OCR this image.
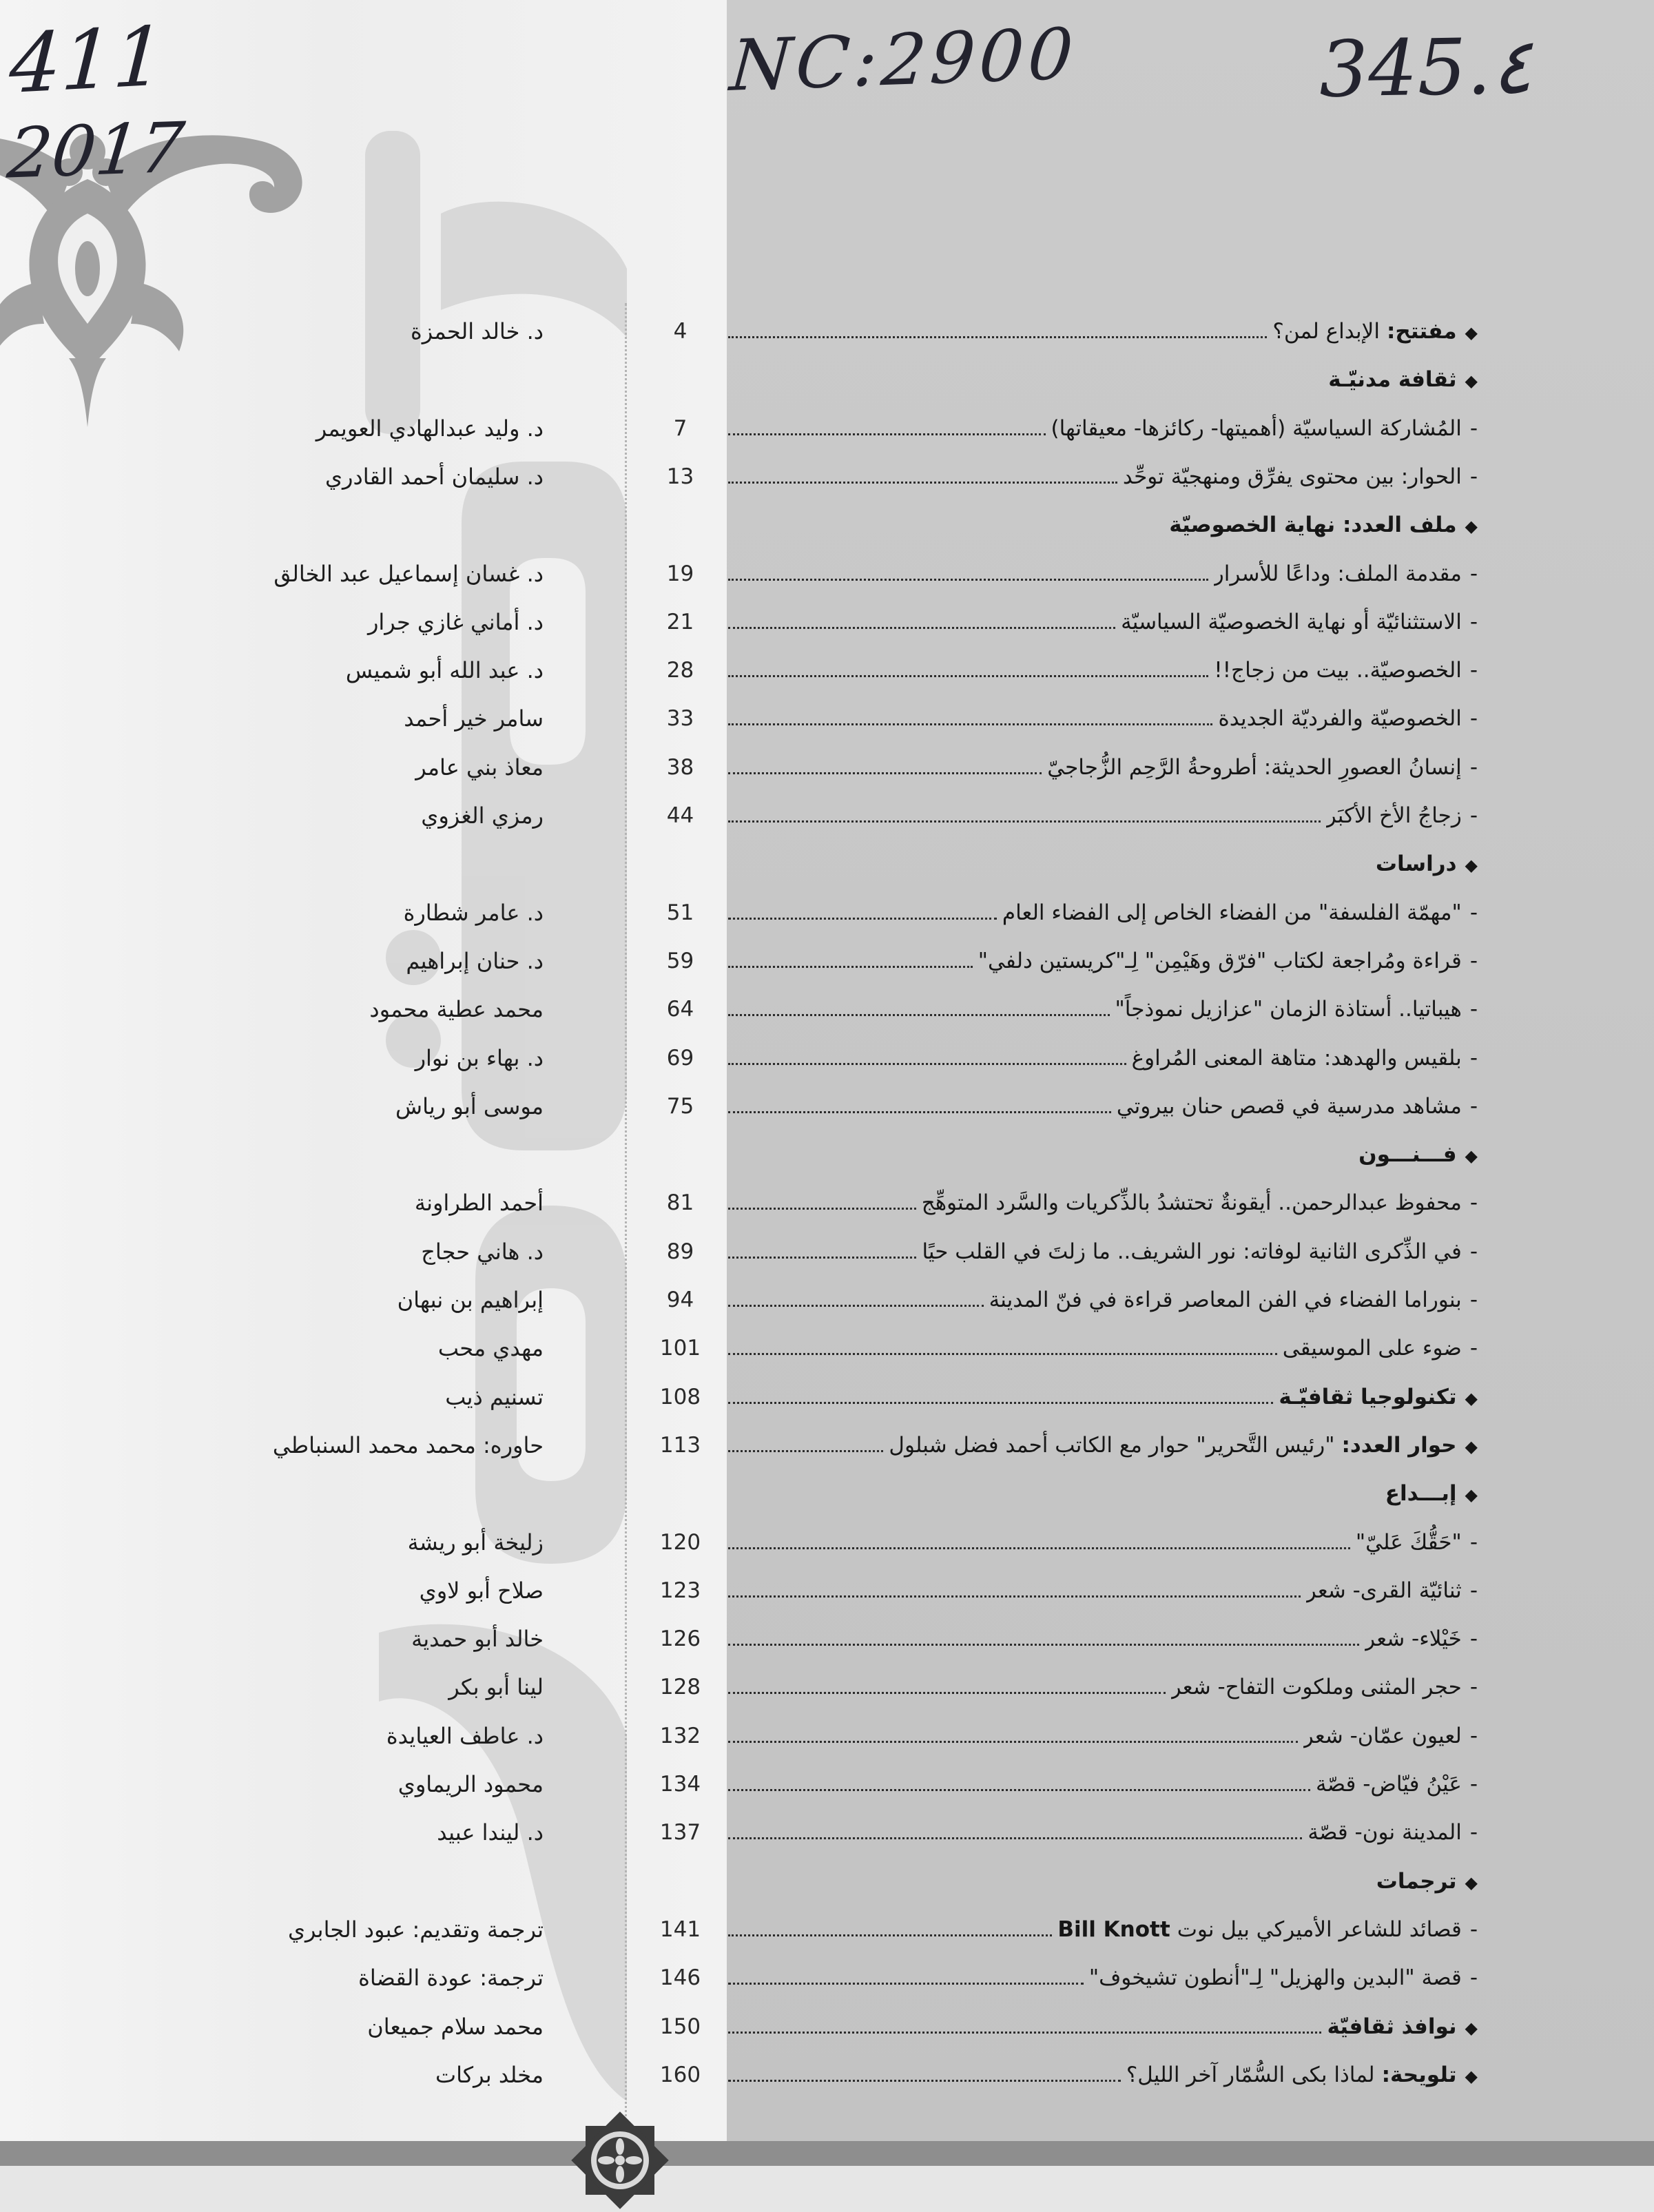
411
2017
NC:2900	345.٤
◆
مفتتح:
الإبداع لمن؟
4
د. خالد الحمزة
◆
ثقافة مدنيّـة
-
المُشاركة السياسيّة (أهميتها- ركائزها- معيقاتها)
7
د. وليد عبدالهادي العويمر
-
الحوار: بين محتوى يفرِّق ومنهجيّة توحِّد
13
د. سليمان أحمد القادري
◆
ملف العدد: نهاية الخصوصيّة
-
مقدمة الملف: وداعًا للأسرار
19
د. غسان إسماعيل عبد الخالق
-
الاستثنائيّة أو نهاية الخصوصيّة السياسيّة
21
د. أماني غازي جرار
-
الخصوصيّة.. بيت من زجاج!!
28
د. عبد الله أبو شميس
-
الخصوصيّة والفرديّة الجديدة
33
سامر خير أحمد
-
إنسانُ العصورِ الحديثة: أطروحةُ الرَّحِم الزُّجاجيّ
38
معاذ بني عامر
-
زجاجُ الأخ الأكبَر
44
رمزي الغزوي
◆
دراسات
-
"مهمّة الفلسفة" من الفضاء الخاص إلى الفضاء العام
51
د. عامر شطارة
-
قراءة ومُراجعة لكتاب "فرّق وهَيْمِن" لِـ"كريستين دلفي"
59
د. حنان إبراهيم
-
هيباتيا.. أستاذة الزمان "عزازيل نموذجاً"
64
محمد عطية محمود
-
بلقيس والهدهد: متاهة المعنى المُراوغ
69
د. بهاء بن نوار
-
مشاهد مدرسية في قصص حنان بيروتي
75
موسى أبو رياش
◆
فـــنـــون
-
محفوظ عبدالرحمن.. أيقونةٌ تحتشدُ بالذِّكريات والسَّرد المتوهِّج
81
أحمد الطراونة
-
في الذِّكرى الثانية لوفاته: نور الشريف.. ما زلتَ في القلب حيًا
89
د. هاني حجاج
-
بنوراما الفضاء في الفن المعاصر قراءة في فنّ المدينة
94
إبراهيم بن نبهان
-
ضوء على الموسيقى
101
مهدي محب
◆
تكنولوجيا ثقافيّـة
108
تسنيم ذيب
◆
حوار العدد:
"رئيس التَّحرير" حوار مع الكاتب أحمد فضل شبلول
113
حاوره: محمد محمد السنباطي
◆
إبـــداع
-
"حَقُّكَ عَليّ"
120
زليخة أبو ريشة
-
ثنائيّة القرى- شعر
123
صلاح أبو لاوي
-
خَيْلاء- شعر
126
خالد أبو حمدية
-
حجر المثنى وملكوت التفاح- شعر
128
لينا أبو بكر
-
لعيون عمّان- شعر
132
د. عاطف العيايدة
-
عَيْنُ فيّاض- قصّة
134
محمود الريماوي
-
المدينة نون- قصّة
137
د. ليندا عبيد
◆
ترجمات
-
قصائد للشاعر الأميركي بيل نوت
Bill Knott
141
ترجمة وتقديم: عبود الجابري
-
قصة "البدين والهزيل" لِـ"أنطون تشيخوف"
146
ترجمة: عودة القضاة
◆
نوافذ ثقافيّة
150
محمد سلام جميعان
◆
تلويحة:
لماذا بكى السُّمّار آخر الليل؟
160
مخلد بركات
